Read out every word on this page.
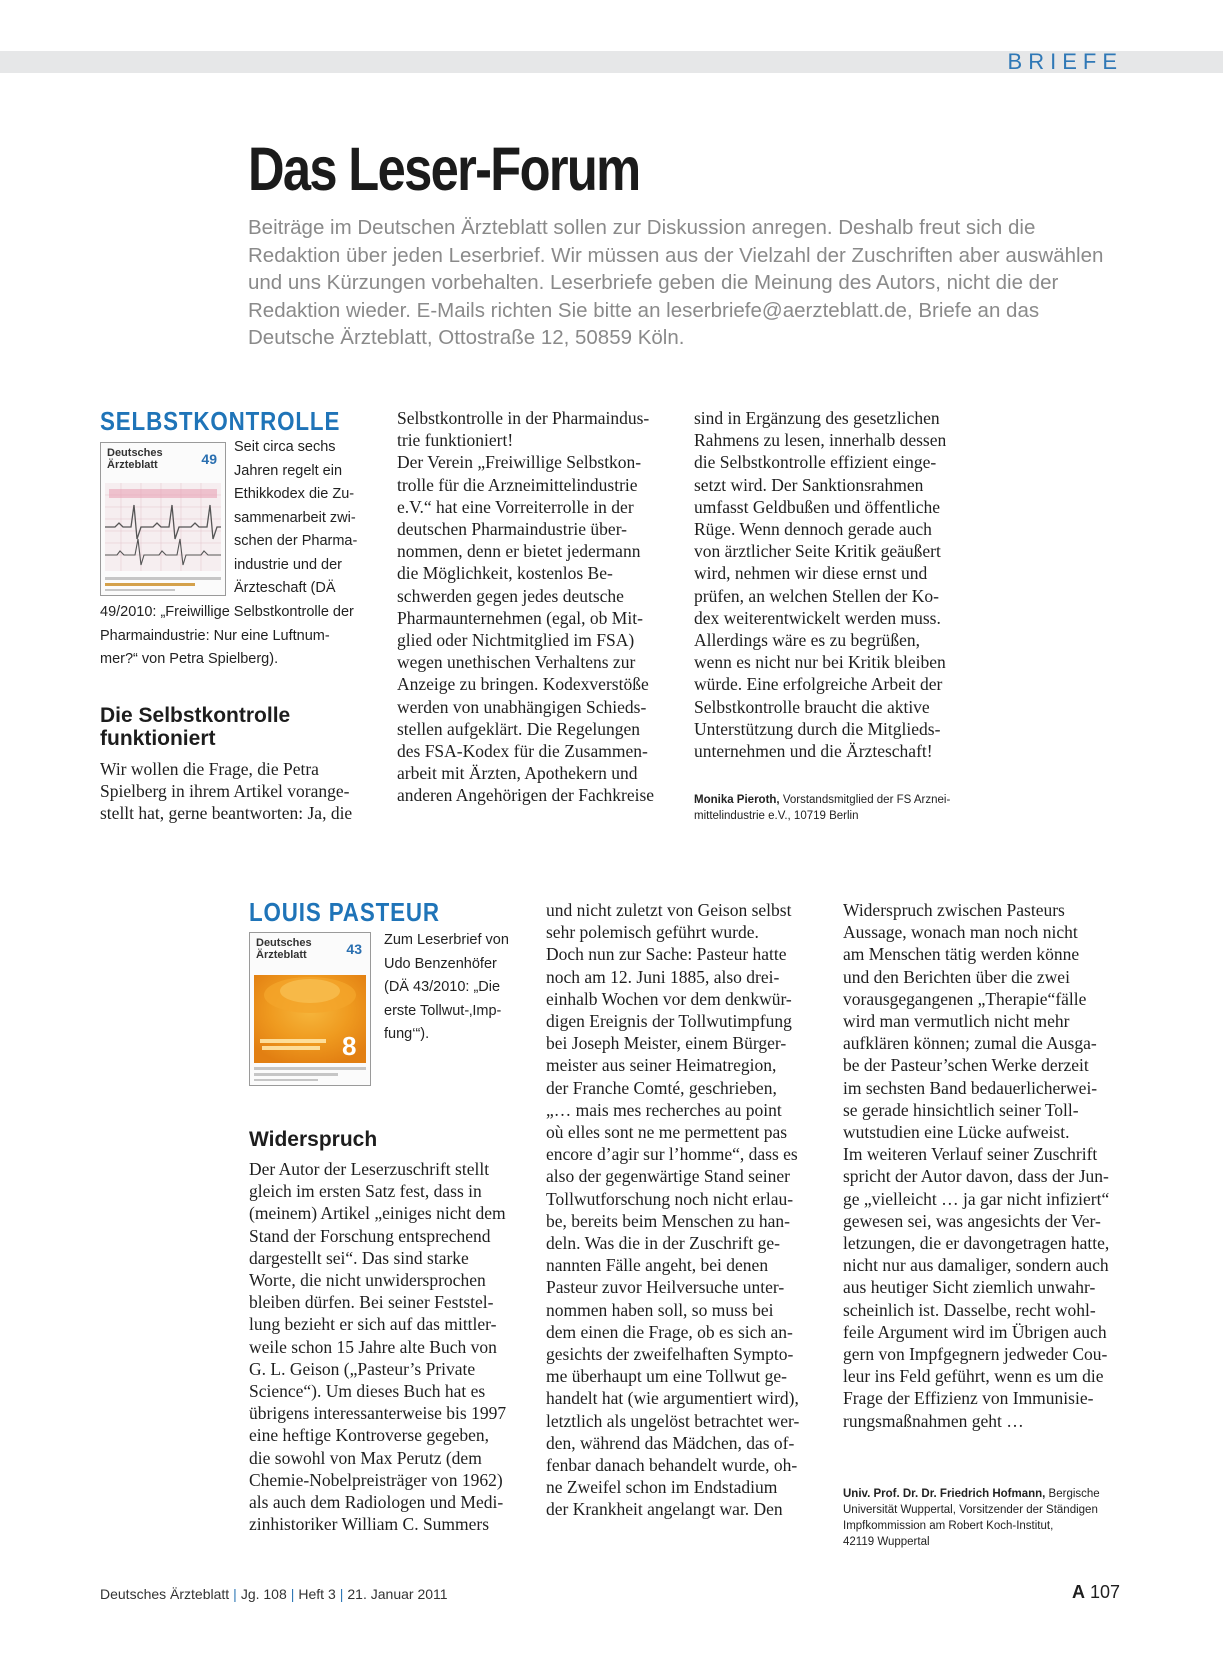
BRIEFE
Das Leser-Forum
Beiträge im Deutschen Ärzteblatt sollen zur Diskussion anregen. Deshalb freut sich die Redaktion über jeden Leserbrief. Wir müssen aus der Vielzahl der Zuschriften aber auswählen und uns Kürzungen vorbehalten. Leserbriefe geben die Meinung des Autors, nicht die der Redaktion wieder. E-Mails richten Sie bitte an leserbriefe@aerzteblatt.de, Briefe an das Deutsche Ärzteblatt, Ottostraße 12, 50859 Köln.
SELBSTKONTROLLE
Deutsches
Ärzteblatt	49
Seit circa sechs
Jahren regelt ein
Ethikkodex die Zu-
sammenarbeit zwi-
schen der Pharma-
industrie und der
Ärzteschaft (DÄ
49/2010: „Freiwillige Selbstkontrolle der
Pharmaindustrie: Nur eine Luftnum-
mer?“ von Petra Spielberg).
Die Selbstkontrolle funktioniert
Wir wollen die Frage, die Petra
Spielberg in ihrem Artikel vorange-
stellt hat, gerne beantworten: Ja, die
Selbstkontrolle in der Pharmaindus-
trie funktioniert!
Der Verein „Freiwillige Selbstkon-
trolle für die Arzneimittelindustrie
e.V.“ hat eine Vorreiterrolle in der
deutschen Pharmaindustrie über-
nommen, denn er bietet jedermann
die Möglichkeit, kostenlos Be-
schwerden gegen jedes deutsche
Pharmaunternehmen (egal, ob Mit-
glied oder Nichtmitglied im FSA)
wegen unethischen Verhaltens zur
Anzeige zu bringen. Kodexverstöße
werden von unabhängigen Schieds-
stellen aufgeklärt. Die Regelungen
des FSA-Kodex für die Zusammen-
arbeit mit Ärzten, Apothekern und
anderen Angehörigen der Fachkreise
sind in Ergänzung des gesetzlichen
Rahmens zu lesen, innerhalb dessen
die Selbstkontrolle effizient einge-
setzt wird. Der Sanktionsrahmen
umfasst Geldbußen und öffentliche
Rüge. Wenn dennoch gerade auch
von ärztlicher Seite Kritik geäußert
wird, nehmen wir diese ernst und
prüfen, an welchen Stellen der Ko-
dex weiterentwickelt werden muss.
Allerdings wäre es zu begrüßen,
wenn es nicht nur bei Kritik bleiben
würde. Eine erfolgreiche Arbeit der
Selbstkontrolle braucht die aktive
Unterstützung durch die Mitglieds-
unternehmen und die Ärzteschaft!
Monika Pieroth, Vorstandsmitglied der FS Arznei-
mittelindustrie e.V., 10719 Berlin
LOUIS PASTEUR
8
Deutsches
Ärzteblatt	43
Zum Leserbrief von
Udo Benzenhöfer
(DÄ 43/2010: „Die
erste Tollwut-‚Imp-
fung‘“).
Widerspruch
Der Autor der Leserzuschrift stellt
gleich im ersten Satz fest, dass in
(meinem) Artikel „einiges nicht dem
Stand der Forschung entsprechend
dargestellt sei“. Das sind starke
Worte, die nicht unwidersprochen
bleiben dürfen. Bei seiner Feststel-
lung bezieht er sich auf das mittler-
weile schon 15 Jahre alte Buch von
G. L. Geison („Pasteur’s Private
Science“). Um dieses Buch hat es
übrigens interessanterweise bis 1997
eine heftige Kontroverse gegeben,
die sowohl von Max Perutz (dem
Chemie-Nobelpreisträger von 1962)
als auch dem Radiologen und Medi-
zinhistoriker William C. Summers
und nicht zuletzt von Geison selbst
sehr polemisch geführt wurde.
Doch nun zur Sache: Pasteur hatte
noch am 12. Juni 1885, also drei-
einhalb Wochen vor dem denkwür-
digen Ereignis der Tollwutimpfung
bei Joseph Meister, einem Bürger-
meister aus seiner Heimatregion,
der Franche Comté, geschrieben,
„… mais mes recherches au point
où elles sont ne me permettent pas
encore d’agir sur l’homme“, dass es
also der gegenwärtige Stand seiner
Tollwutforschung noch nicht erlau-
be, bereits beim Menschen zu han-
deln. Was die in der Zuschrift ge-
nannten Fälle angeht, bei denen
Pasteur zuvor Heilversuche unter-
nommen haben soll, so muss bei
dem einen die Frage, ob es sich an-
gesichts der zweifelhaften Sympto-
me überhaupt um eine Tollwut ge-
handelt hat (wie argumentiert wird),
letztlich als ungelöst betrachtet wer-
den, während das Mädchen, das of-
fenbar danach behandelt wurde, oh-
ne Zweifel schon im Endstadium
der Krankheit angelangt war. Den
Widerspruch zwischen Pasteurs
Aussage, wonach man noch nicht
am Menschen tätig werden könne
und den Berichten über die zwei
vorausgegangenen „Therapie“fälle
wird man vermutlich nicht mehr
aufklären können; zumal die Ausga-
be der Pasteur’schen Werke derzeit
im sechsten Band bedauerlicherwei-
se gerade hinsichtlich seiner Toll-
wutstudien eine Lücke aufweist.
Im weiteren Verlauf seiner Zuschrift
spricht der Autor davon, dass der Jun-
ge „vielleicht … ja gar nicht infiziert“
gewesen sei, was angesichts der Ver-
letzungen, die er davongetragen hatte,
nicht nur aus damaliger, sondern auch
aus heutiger Sicht ziemlich unwahr-
scheinlich ist. Dasselbe, recht wohl-
feile Argument wird im Übrigen auch
gern von Impfgegnern jedweder Cou-
leur ins Feld geführt, wenn es um die
Frage der Effizienz von Immunisie-
rungsmaßnahmen geht …
Univ. Prof. Dr. Dr. Friedrich Hofmann, Bergische
Universität Wuppertal, Vorsitzender der Ständigen
Impfkommission am Robert Koch-Institut,
42119 Wuppertal
Deutsches Ärzteblatt | Jg. 108 | Heft 3 | 21. Januar 2011	A 107
